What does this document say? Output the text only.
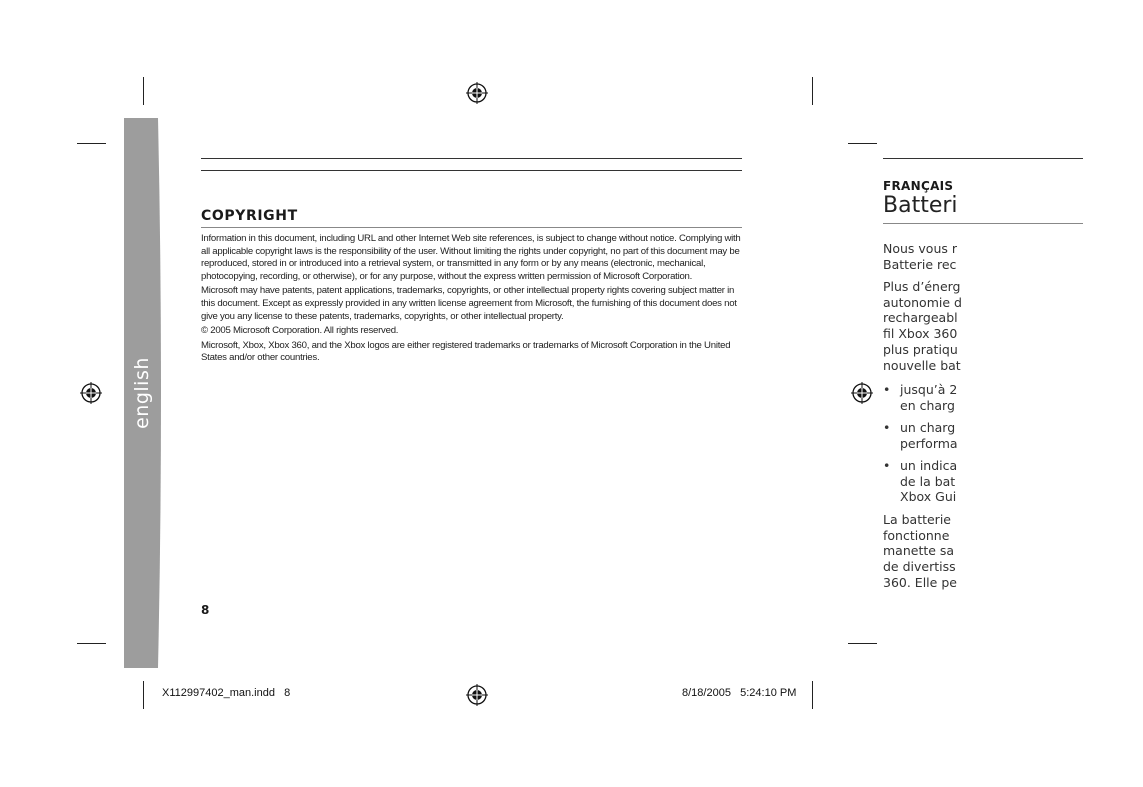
english
COPYRIGHT

Information in this document, including URL and other Internet Web site references, is subject to change without notice. Complying with all applicable copyright laws is the responsibility of the user. Without limiting the rights under copyright, no part of this document may be reproduced, stored in or introduced into a retrieval system, or transmitted in any form or by any means (electronic, mechanical, photocopying, recording, or otherwise), or for any purpose, without the express written permission of Microsoft Corporation.

Microsoft may have patents, patent applications, trademarks, copyrights, or other intellectual property rights covering subject matter in this document. Except as expressly provided in any written license agreement from Microsoft, the furnishing of this document does not give you any license to these patents, trademarks, copyrights, or other intellectual property.

© 2005 Microsoft Corporation. All rights reserved.

Microsoft, Xbox, Xbox 360, and the Xbox logos are either registered trademarks or trademarks of Microsoft Corporation in the United States and/or other countries.

8
X112997402_man.indd   8	8/18/2005   5:24:10 PM
FRANÇAIS
Batteri
Nous vous r
Batterie rec
Plus d’énerg
autonomie d
rechargeabl
fil Xbox 360
plus pratiqu
nouvelle bat
• jusqu’à 2
en charg
• un charg
performa
• un indica
de la bat
Xbox Gui
La batterie
fonctionne
manette sa
de divertiss
360. Elle pe
